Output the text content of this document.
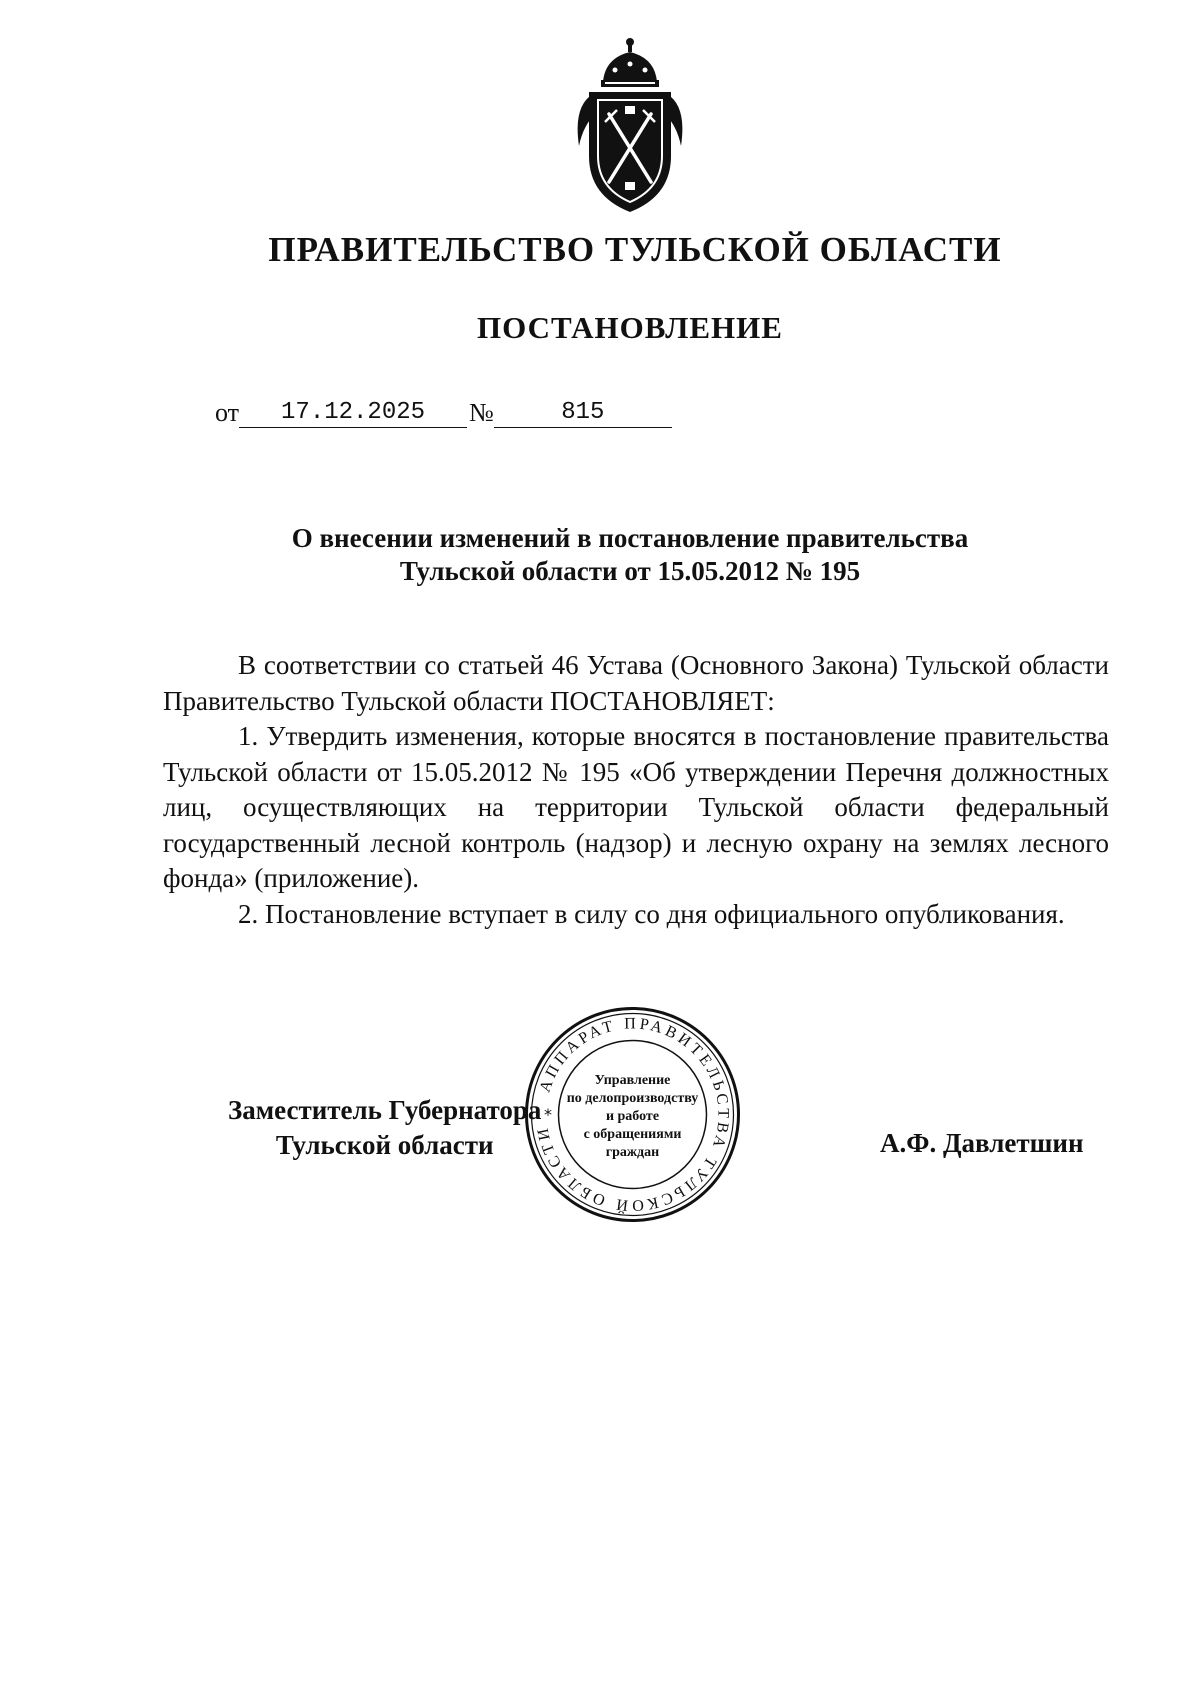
ПРАВИТЕЛЬСТВО ТУЛЬСКОЙ ОБЛАСТИ
ПОСТАНОВЛЕНИЕ
от	17.12.2025	№	815
О внесении изменений в постановление правительства
Тульской области от 15.05.2012 № 195

В соответствии со статьей 46 Устава (Основного Закона) Тульской области Правительство Тульской области ПОСТАНОВЛЯЕТ:

1. Утвердить изменения, которые вносятся в постановление правительства Тульской области от 15.05.2012 № 195 «Об утверждении Перечня должностных лиц, осуществляющих на территории Тульской области федеральный государственный лесной контроль (надзор) и лесную охрану на землях лесного фонда» (приложение).

2. Постановление вступает в силу со дня официального опубликования.

Заместитель Губернатора
Тульской области	А.Ф. Давлетшин
АППАРАТ ПРАВИТЕЛЬСТВА ТУЛЬСКОЙ ОБЛАСТИ
*
Управление
по делопроизводству
и работе
с обращениями
граждан
